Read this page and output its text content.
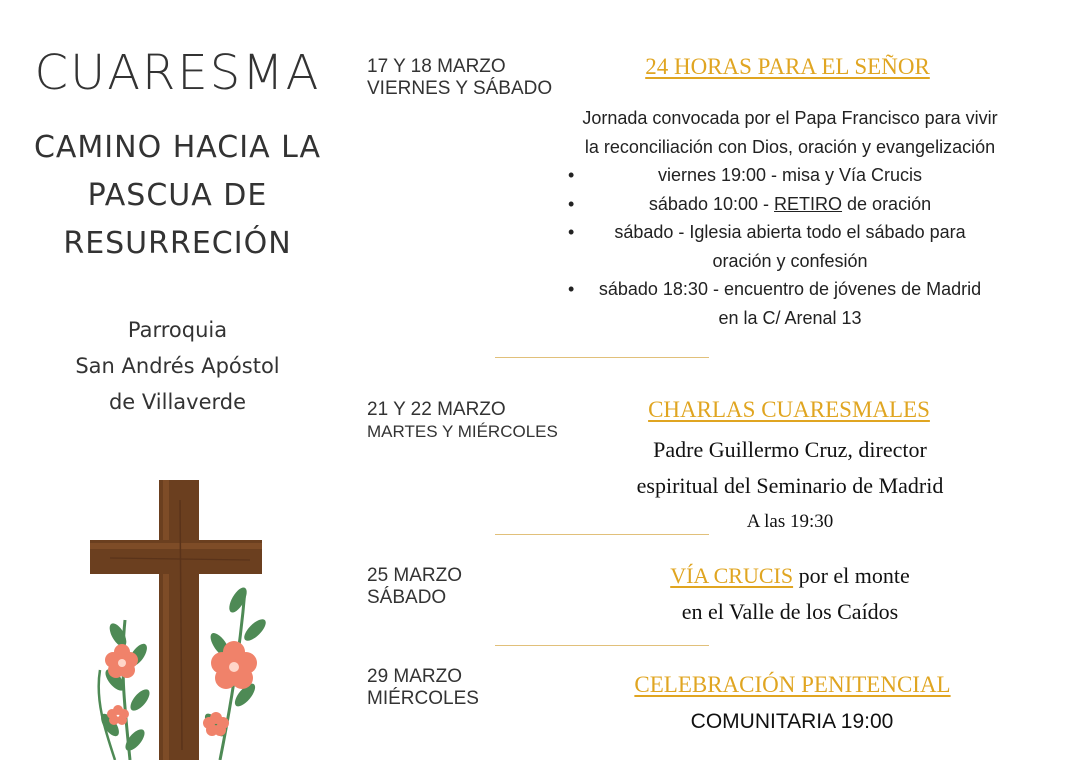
CUARESMA
CAMINO HACIA LA
PASCUA DE
RESURRECIÓN
Parroquia
San Andrés Apóstol
de Villaverde
17 Y 18 MARZO
VIERNES Y SÁBADO
24 HORAS PARA EL SEÑOR
Jornada convocada por el Papa Francisco para vivir
la reconciliación con Dios, oración y evangelización
•	viernes 19:00 - misa y Vía Crucis
•	sábado 10:00 - RETIRO de oración
• sábado - Iglesia abierta todo el sábado para
oración y confesión
• sábado 18:30 - encuentro de jóvenes de Madrid
en la C/ Arenal 13
21 Y 22 MARZO
MARTES Y MIÉRCOLES
CHARLAS CUARESMALES
Padre Guillermo Cruz, director
espiritual del Seminario de Madrid
A las 19:30
25 MARZO
SÁBADO
VÍA CRUCIS por el monte
en el Valle de los Caídos
29 MARZO
MIÉRCOLES
CELEBRACIÓN PENITENCIAL
COMUNITARIA 19:00
